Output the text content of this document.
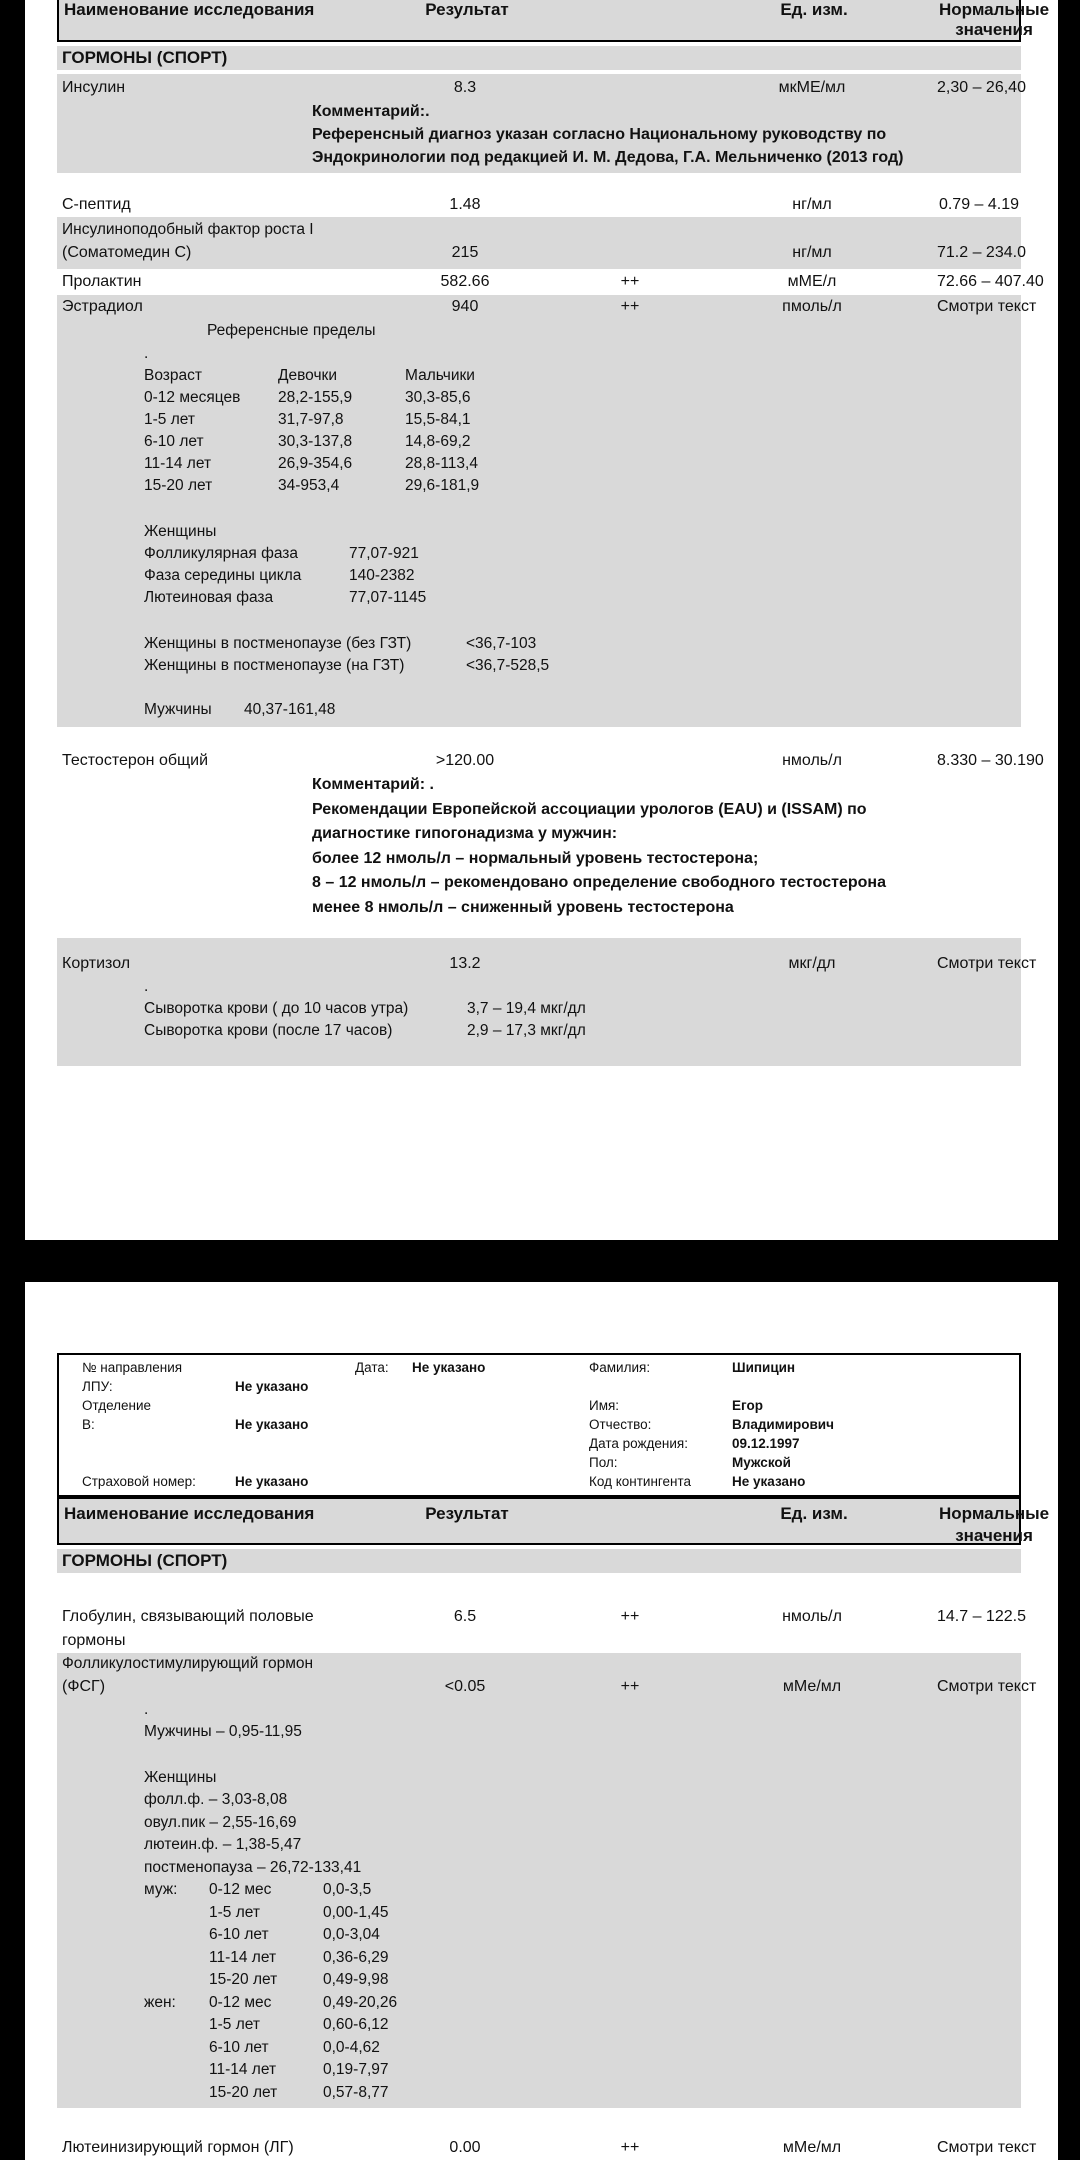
Наименование исследования	Результат	Ед. изм.	Нормальные
значения
ГОРМОНЫ (СПОРТ)
Инсулин	8.3	мкМЕ/мл	2,30 – 26,40
Комментарий:.
Референсный диагноз указан согласно Национальному руководству по
Эндокринологии под редакцией И. М. Дедова, Г.А. Мельниченко (2013 год)
С-пептид	1.48	нг/мл	0.79 – 4.19
Инсулиноподобный фактор роста I
(Соматомедин С)	215	нг/мл	71.2 – 234.0
Пролактин	582.66	++	мМЕ/л	72.66 – 407.40
Эстрадиол	940	++	пмоль/л	Смотри текст
Референсные пределы
.
Возраст	Девочки	Мальчики
0-12 месяцев	28,2-155,9	30,3-85,6
1-5 лет	31,7-97,8	15,5-84,1
6-10 лет	30,3-137,8	14,8-69,2
11-14 лет	26,9-354,6	28,8-113,4
15-20 лет	34-953,4	29,6-181,9
Женщины
Фолликулярная фаза	77,07-921
Фаза середины цикла	140-2382
Лютеиновая фаза	77,07-1145
Женщины в постменопаузе (без ГЗТ)	<36,7-103
Женщины в постменопаузе (на ГЗТ)	<36,7-528,5
Мужчины	40,37-161,48
Тестостерон общий	>120.00	нмоль/л	8.330 – 30.190
Комментарий: .
Рекомендации Европейской ассоциации урологов (EAU) и (ISSAM) по
диагностике гипогонадизма у мужчин:
более 12 нмоль/л – нормальный уровень тестостерона;
8 – 12 нмоль/л – рекомендовано определение свободного тестостерона
менее 8 нмоль/л – сниженный уровень тестостерона
Кортизол	13.2	мкг/дл	Смотри текст
.
Сыворотка крови ( до 10 часов утра)	3,7 – 19,4 мкг/дл
Сыворотка крови (после 17 часов)	2,9 – 17,3 мкг/дл
№ направления	Дата: Не указано	Фамилия:	Шипицин
ЛПУ:	Не указано
Отделение	Имя:	Егор
В:	Не указано	Отчество:	Владимирович
Дата рождения:	09.12.1997
Пол:	Мужской
Страховой номер:	Не указано	Код контингента	Не указано
Наименование исследования	Результат	Ед. изм.	Нормальные
значения
ГОРМОНЫ (СПОРТ)
Глобулин, связывающий половые	6.5	++	нмоль/л	14.7 – 122.5
гормоны
Фолликулостимулирующий гормон
(ФСГ)	<0.05	++	мМе/мл	Смотри текст
.
Мужчины – 0,95-11,95
Женщины
фолл.ф. – 3,03-8,08
овул.пик – 2,55-16,69
лютеин.ф. – 1,38-5,47
постменопауза – 26,72-133,41
муж:	0-12 мес	0,0-3,5
1-5 лет	0,00-1,45
6-10 лет	0,0-3,04
11-14 лет	0,36-6,29
15-20 лет	0,49-9,98
жен:	0-12 мес	0,49-20,26
1-5 лет	0,60-6,12
6-10 лет	0,0-4,62
11-14 лет	0,19-7,97
15-20 лет	0,57-8,77
Лютеинизирующий гормон (ЛГ)	0.00	++	мМе/мл	Смотри текст
